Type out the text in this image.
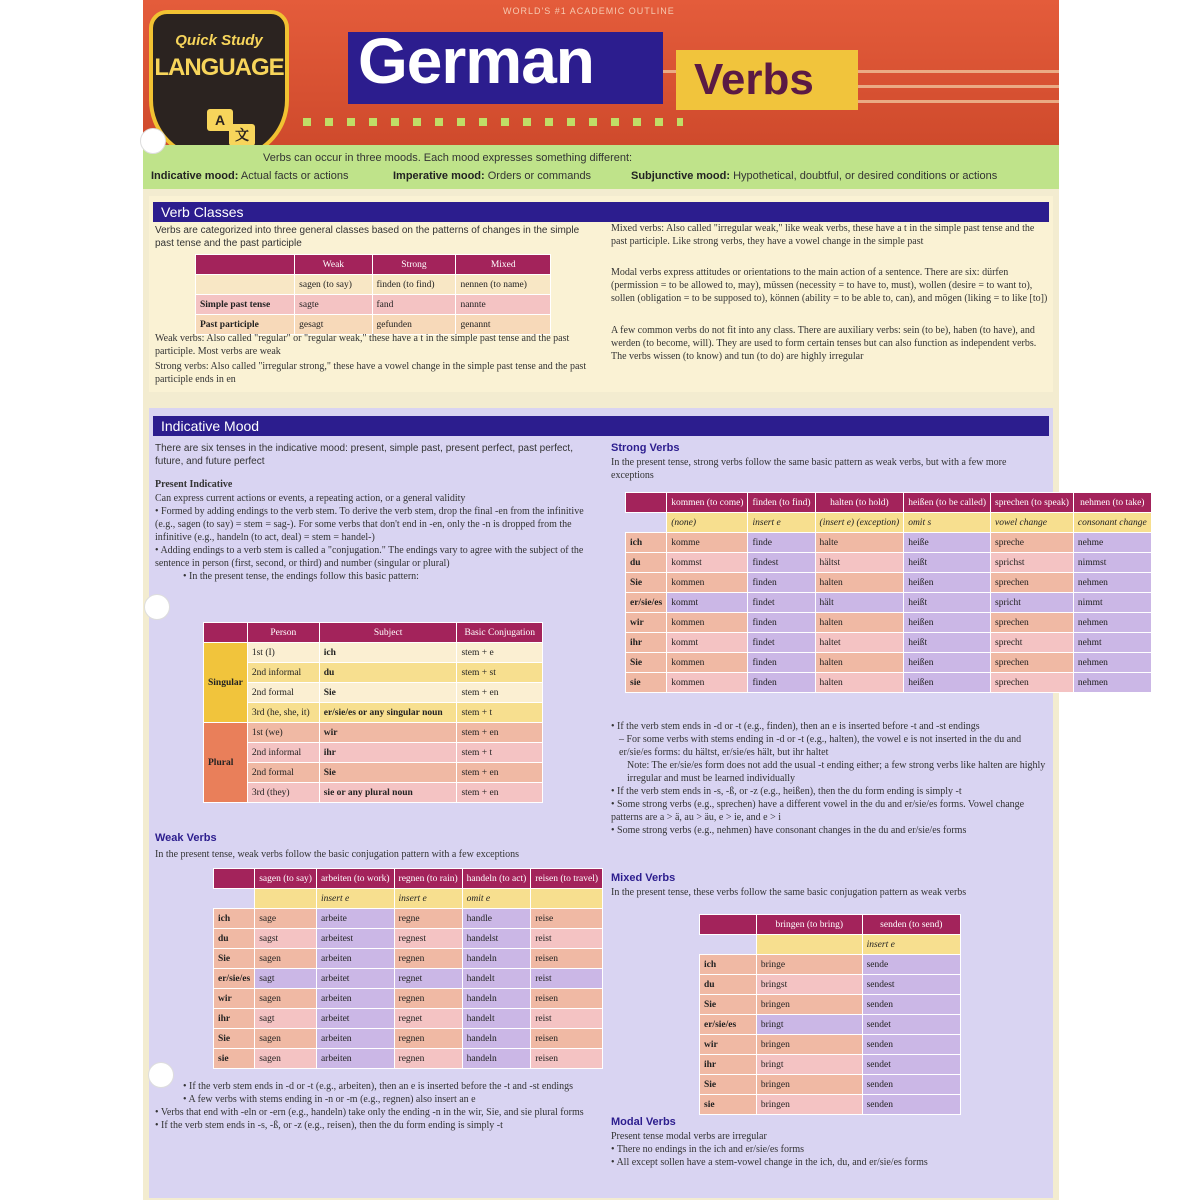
WORLD'S #1 ACADEMIC OUTLINE
German Verbs
Quick Study
LANGUAGE
A
文
Verbs can occur in three moods. Each mood expresses something different:
Indicative mood: Actual facts or actions	Imperative mood: Orders or commands	Subjunctive mood: Hypothetical, doubtful, or desired conditions or actions
Verb Classes
Verbs are categorized into three general classes based on the patterns of changes in the simple past tense and the past participle
	Weak	Strong	Mixed
	sagen (to say)	finden (to find)	nennen (to name)
Simple past tense	sagte	fand	nannte
Past participle	gesagt	gefunden	genannt
Weak verbs: Also called "regular" or "regular weak," these have a t in the simple past tense and the past participle. Most verbs are weak
Strong verbs: Also called "irregular strong," these have a vowel change in the simple past tense and the past participle ends in en
Mixed verbs: Also called "irregular weak," like weak verbs, these have a t in the simple past tense and the past participle. Like strong verbs, they have a vowel change in the simple past
Modal verbs express attitudes or orientations to the main action of a sentence. There are six: dürfen (permission = to be allowed to, may), müssen (necessity = to have to, must), wollen (desire = to want to), sollen (obligation = to be supposed to), können (ability = to be able to, can), and mögen (liking = to like [to])
A few common verbs do not fit into any class. There are auxiliary verbs: sein (to be), haben (to have), and werden (to become, will). They are used to form certain tenses but can also function as independent verbs. The verbs wissen (to know) and tun (to do) are highly irregular
Indicative Mood
There are six tenses in the indicative mood: present, simple past, present perfect, past perfect, future, and future perfect
Present Indicative
Can express current actions or events, a repeating action, or a general validity
• Formed by adding endings to the verb stem. To derive the verb stem, drop the final -en from the infinitive (e.g., sagen (to say) = stem = sag-). For some verbs that don't end in -en, only the -n is dropped from the infinitive (e.g., handeln (to act, deal) = stem = handel-)
• Adding endings to a verb stem is called a "conjugation." The endings vary to agree with the subject of the sentence in person (first, second, or third) and number (singular or plural)
• In the present tense, the endings follow this basic pattern:
	Person	Subject	Basic Conjugation
Singular	1st (I)	ich	stem + e
	2nd informal	du	stem + st
	2nd formal	Sie	stem + en
	3rd (he, she, it)	er/sie/es or any singular noun	stem + t
Plural	1st (we)	wir	stem + en
	2nd informal	ihr	stem + t
	2nd formal	Sie	stem + en
	3rd (they)	sie or any plural noun	stem + en
Weak Verbs
In the present tense, weak verbs follow the basic conjugation pattern with a few exceptions
	sagen (to say)	arbeiten (to work)	regnen (to rain)	handeln (to act)	reisen (to travel)
		insert e	insert e	omit e	
ich	sage	arbeite	regne	handle	reise
du	sagst	arbeitest	regnest	handelst	reist
Sie	sagen	arbeiten	regnen	handeln	reisen
er/sie/es	sagt	arbeitet	regnet	handelt	reist
wir	sagen	arbeiten	regnen	handeln	reisen
ihr	sagt	arbeitet	regnet	handelt	reist
Sie	sagen	arbeiten	regnen	handeln	reisen
sie	sagen	arbeiten	regnen	handeln	reisen
• If the verb stem ends in -d or -t (e.g., arbeiten), then an e is inserted before the -t and -st endings
• A few verbs with stems ending in -n or -m (e.g., regnen) also insert an e
• Verbs that end with -eln or -ern (e.g., handeln) take only the ending -n in the wir, Sie, and sie plural forms
• If the verb stem ends in -s, -ß, or -z (e.g., reisen), then the du form ending is simply -t
Strong Verbs
In the present tense, strong verbs follow the same basic pattern as weak verbs, but with a few more exceptions
	kommen (to come)	finden (to find)	halten (to hold)	heißen (to be called)	sprechen (to speak)	nehmen (to take)
	(none)	insert e	(insert e) (exception)	omit s	vowel change	consonant change
ich	komme	finde	halte	heiße	spreche	nehme
du	kommst	findest	hältst	heißt	sprichst	nimmst
Sie	kommen	finden	halten	heißen	sprechen	nehmen
er/sie/es	kommt	findet	hält	heißt	spricht	nimmt
wir	kommen	finden	halten	heißen	sprechen	nehmen
ihr	kommt	findet	haltet	heißt	sprecht	nehmt
Sie	kommen	finden	halten	heißen	sprechen	nehmen
sie	kommen	finden	halten	heißen	sprechen	nehmen
• If the verb stem ends in -d or -t (e.g., finden), then an e is inserted before -t and -st endings
– For some verbs with stems ending in -d or -t (e.g., halten), the vowel e is not inserted in the du and er/sie/es forms: du hältst, er/sie/es hält, but ihr haltet
Note: The er/sie/es form does not add the usual -t ending either; a few strong verbs like halten are highly irregular and must be learned individually
• If the verb stem ends in -s, -ß, or -z (e.g., heißen), then the du form ending is simply -t
• Some strong verbs (e.g., sprechen) have a different vowel in the du and er/sie/es forms. Vowel change patterns are a > ä, au > äu, e > ie, and e > i
• Some strong verbs (e.g., nehmen) have consonant changes in the du and er/sie/es forms
Mixed Verbs
In the present tense, these verbs follow the same basic conjugation pattern as weak verbs
	bringen (to bring)	senden (to send)
		insert e
ich	bringe	sende
du	bringst	sendest
Sie	bringen	senden
er/sie/es	bringt	sendet
wir	bringen	senden
ihr	bringt	sendet
Sie	bringen	senden
sie	bringen	senden
Modal Verbs
Present tense modal verbs are irregular
• There no endings in the ich and er/sie/es forms
• All except sollen have a stem-vowel change in the ich, du, and er/sie/es forms
